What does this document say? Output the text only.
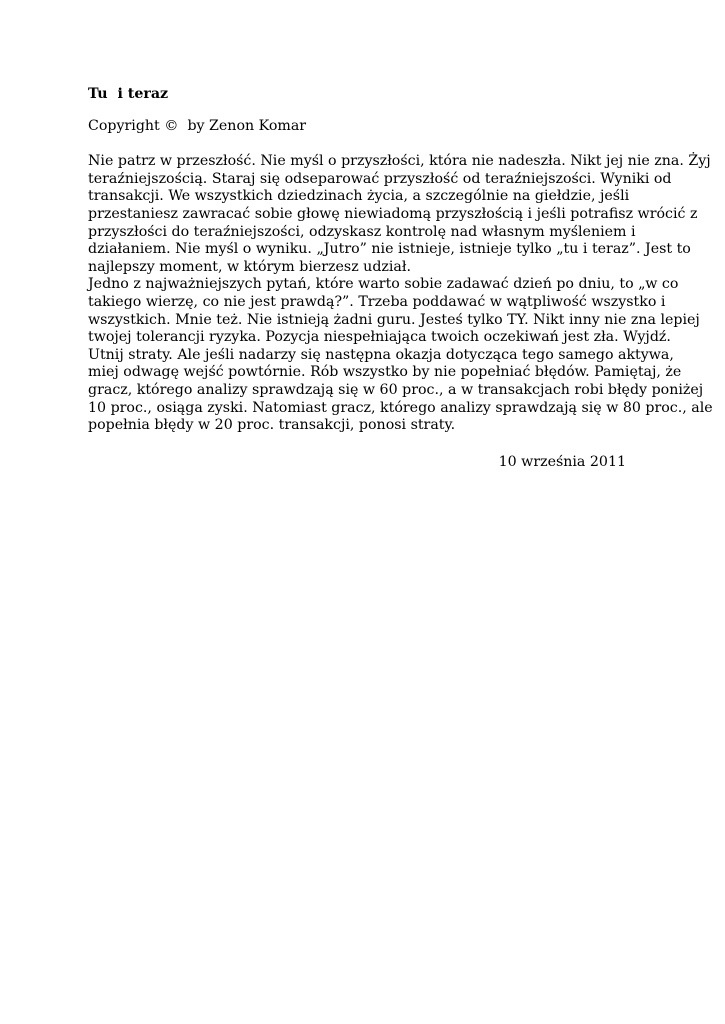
Tu  i teraz
Copyright ©  by Zenon Komar
Nie patrz w przeszłość. Nie myśl o przyszłości, która nie nadeszła. Nikt jej nie zna. Żyj
teraźniejszością. Staraj się odseparować przyszłość od teraźniejszości. Wyniki od
transakcji. We wszystkich dziedzinach życia, a szczególnie na giełdzie, jeśli
przestaniesz zawracać sobie głowę niewiadomą przyszłością i jeśli potrafisz wrócić z
przyszłości do teraźniejszości, odzyskasz kontrolę nad własnym myśleniem i
działaniem. Nie myśl o wyniku. „Jutro” nie istnieje, istnieje tylko „tu i teraz”. Jest to
najlepszy moment, w którym bierzesz udział.
Jedno z najważniejszych pytań, które warto sobie zadawać dzień po dniu, to „w co
takiego wierzę, co nie jest prawdą?”. Trzeba poddawać w wątpliwość wszystko i
wszystkich. Mnie też. Nie istnieją żadni guru. Jesteś tylko TY. Nikt inny nie zna lepiej
twojej tolerancji ryzyka. Pozycja niespełniająca twoich oczekiwań jest zła. Wyjdź.
Utnij straty. Ale jeśli nadarzy się następna okazja dotycząca tego samego aktywa,
miej odwagę wejść powtórnie. Rób wszystko by nie popełniać błędów. Pamiętaj, że
gracz, którego analizy sprawdzają się w 60 proc., a w transakcjach robi błędy poniżej
10 proc., osiąga zyski. Natomiast gracz, którego analizy sprawdzają się w 80 proc., ale
popełnia błędy w 20 proc. transakcji, ponosi straty.
10 września 2011
